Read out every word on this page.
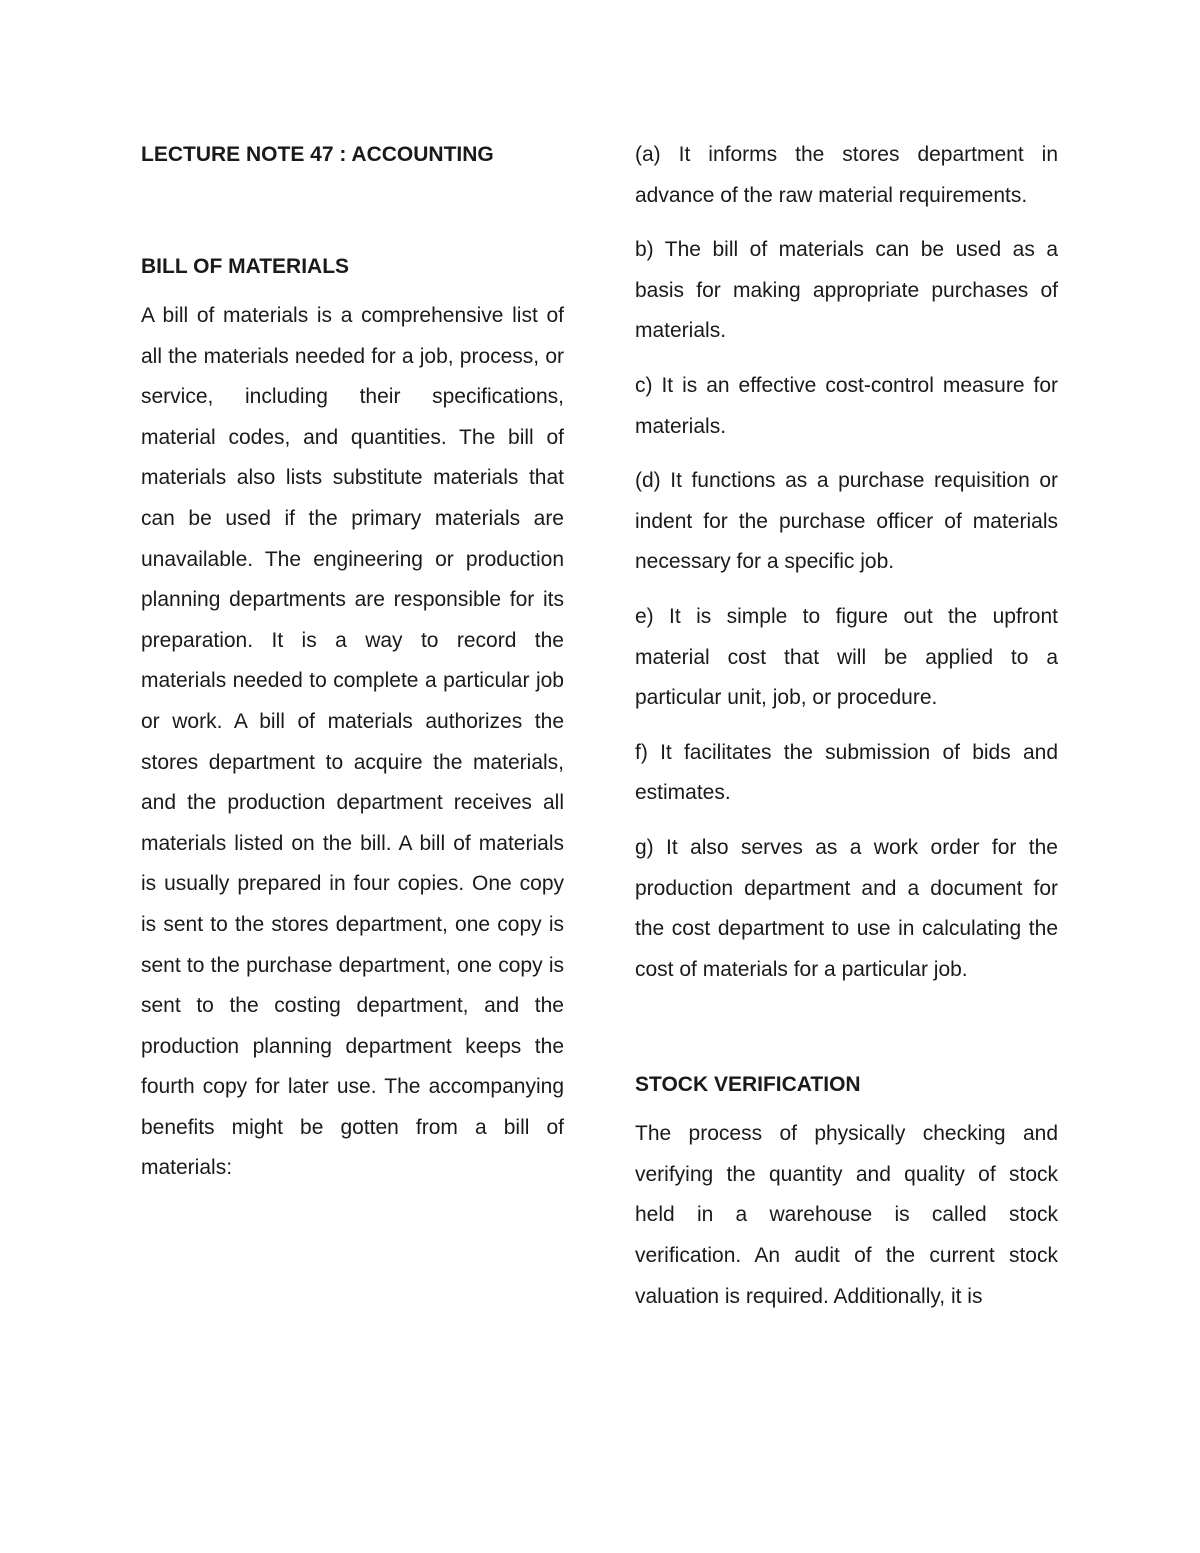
LECTURE NOTE 47 : ACCOUNTING
BILL OF MATERIALS

A bill of materials is a comprehensive list of all the materials needed for a job, process, or service, including their specifications, material codes, and quantities. The bill of materials also lists substitute materials that can be used if the primary materials are unavailable. The engineering or production planning departments are responsible for its preparation. It is a way to record the materials needed to complete a particular job or work. A bill of materials authorizes the stores department to acquire the materials, and the production department receives all materials listed on the bill. A bill of materials is usually prepared in four copies. One copy is sent to the stores department, one copy is sent to the purchase department, one copy is sent to the costing department, and the production planning department keeps the fourth copy for later use. The accompanying benefits might be gotten from a bill of materials:

(a) It informs the stores department in advance of the raw material requirements.

b) The bill of materials can be used as a basis for making appropriate purchases of materials.

c) It is an effective cost-control measure for materials.

(d) It functions as a purchase requisition or indent for the purchase officer of materials necessary for a specific job.

e) It is simple to figure out the upfront material cost that will be applied to a particular unit, job, or procedure.

f) It facilitates the submission of bids and estimates.

g) It also serves as a work order for the production department and a document for the cost department to use in calculating the cost of materials for a particular job.

STOCK VERIFICATION

The process of physically checking and verifying the quantity and quality of stock held in a warehouse is called stock verification. An audit of the current stock valuation is required. Additionally, it is
